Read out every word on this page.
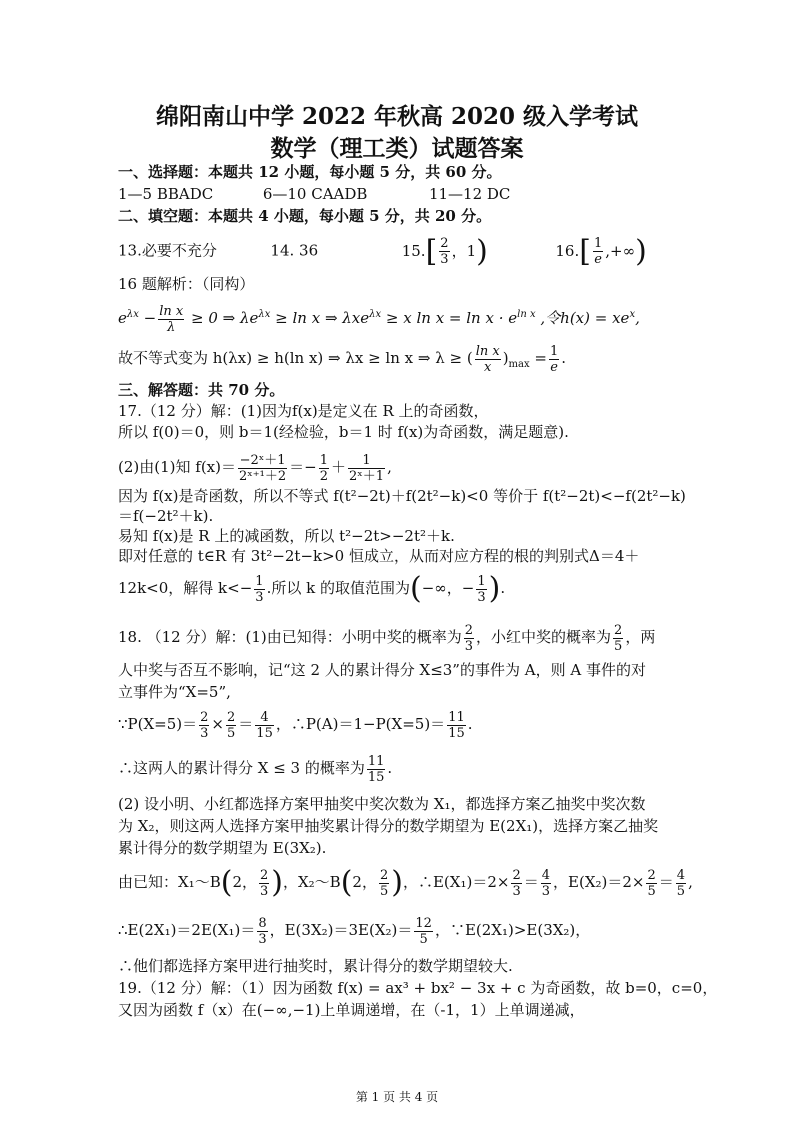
绵阳南山中学 2022 年秋高 2020 级入学考试
数学（理工类）试题答案
一、选择题：本题共 12 小题，每小题 5 分，共 60 分。
1—5 BBADC	6—10 CAADB	11—12 DC
二、填空题：本题共 4 小题，每小题 5 分，共 20 分。
13.必要不充分	14. 36	$15.[ \frac{2}{3}$ ，1)	$16.[ \frac{1}{e}$ ,+∞)
16 题解析：（同构）
$e^{\lambda x} - \frac{\text{ln x}}{\lambda} \ge 0$ ⇒ $\lambda e^{\lambda x} \ge \ln x$ ⇒ λxe$^{\lambda x}$ ≥ x $\ln x = \ln x \cdot e^{ln x}$ ,令$h(x) = xe^x$,
故不等式变为 h(λx) ≥ h(ln x) ⇒ λx ≥ ln x ⇒ λ ≥ ( $\frac{\text{ln x}}{x} )_{max} = \frac{1}{e}$ .
三、解答题：共 70 分。
17.（12 分）解：(1)因为f(x)是定义在 R 上的奇函数，
所以 f(0)＝0，则 b＝1(经检验，b＝1 时 f(x)为奇函数，满足题意).
(2)由(1)知 $f(x)= \frac{\text{−2ˣ＋1}}{\text{2ˣ⁺¹＋2}} =- \frac{1}{2} + \frac{1}{\text{2ˣ＋1}}$ ,
因为 f(x)是奇函数，所以不等式 f(t²−2t)＋f(2t²−k)<0 等价于 f(t²−2t)<−f(2t²−k)
＝f(−2t²＋k).
易知 f(x)是 R 上的减函数，所以 t²−2t>−2t²＋k.
即对任意的 t∈R 有 3t²−2t−k>0 恒成立，从而对应方程的根的判别式Δ＝4＋
12k<0，解得 $k<- \frac{1}{3}$ .所以 k 的取值范围为(−∞，− $\frac{1}{3}$ ).
18. （12 分）解：(1)由已知得：小明中奖的概率为 $\frac{2}{3}$ ，小红中奖的概率为 $\frac{2}{5}$ ，两
人中奖与否互不影响，记“这 2 人的累计得分 X≤3”的事件为 A，则 A 事件的对
立事件为“X=5”,
∵P(X=5)＝ $\frac{2}{3} \times \frac{2}{5} = \frac{4}{15}$ ，∴P(A)＝1−P(X=5)＝ $\frac{11}{15}$ .
∴这两人的累计得分 X ≤ 3 的概率为 $\frac{11}{15}$ .
(2) 设小明、小红都选择方案甲抽奖中奖次数为 X₁，都选择方案乙抽奖中奖次数
为 X₂，则这两人选择方案甲抽奖累计得分的数学期望为 E(2X₁)，选择方案乙抽奖
累计得分的数学期望为 E(3X₂).
由已知：X₁～B(2， $\frac{2}{3}$ )，X₂～B(2， $\frac{2}{5}$ )，∴E(X₁)＝2× $\frac{2}{3} = \frac{4}{3}$ ，$E(X_2)=2\times \frac{2}{5} = \frac{4}{5}$ ,
∴E(2X₁)＝2E(X₁)＝ $\frac{8}{3}$ ，$E(3X_2)=3E(X_2)= \frac{12}{5}$ ，∵E(2X₁)>E(3X₂)，
∴他们都选择方案甲进行抽奖时，累计得分的数学期望较大.
19.（12 分）解：（1）因为函数 f(x) = ax³ + bx² − 3x + c 为奇函数，故 b=0，c=0，
又因为函数 f（x）在(−∞,−1)上单调递增，在（-1，1）上单调递减，
第 1 页 共 4 页
